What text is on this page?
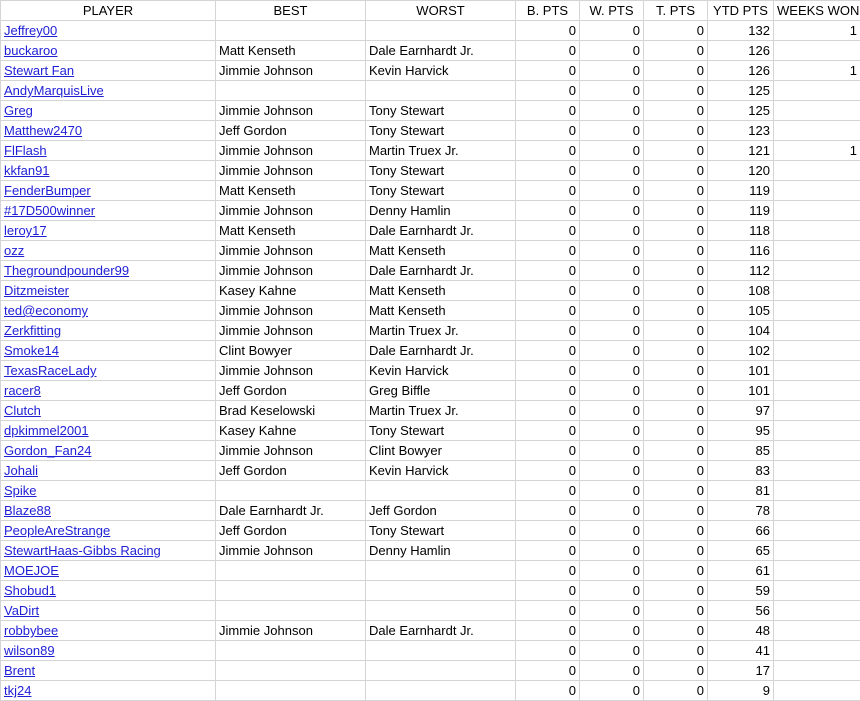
PLAYER	BEST	WORST	B. PTS	W. PTS	T. PTS	YTD PTS	WEEKS WON
Jeffrey00			0	0	0	132	1
buckaroo	Matt Kenseth	Dale Earnhardt Jr.	0	0	0	126	
Stewart Fan	Jimmie Johnson	Kevin Harvick	0	0	0	126	1
AndyMarquisLive			0	0	0	125	
Greg	Jimmie Johnson	Tony Stewart	0	0	0	125	
Matthew2470	Jeff Gordon	Tony Stewart	0	0	0	123	
FlFlash	Jimmie Johnson	Martin Truex Jr.	0	0	0	121	1
kkfan91	Jimmie Johnson	Tony Stewart	0	0	0	120	
FenderBumper	Matt Kenseth	Tony Stewart	0	0	0	119	
#17D500winner	Jimmie Johnson	Denny Hamlin	0	0	0	119	
leroy17	Matt Kenseth	Dale Earnhardt Jr.	0	0	0	118	
ozz	Jimmie Johnson	Matt Kenseth	0	0	0	116	
Thegroundpounder99	Jimmie Johnson	Dale Earnhardt Jr.	0	0	0	112	
Ditzmeister	Kasey Kahne	Matt Kenseth	0	0	0	108	
ted@economy	Jimmie Johnson	Matt Kenseth	0	0	0	105	
Zerkfitting	Jimmie Johnson	Martin Truex Jr.	0	0	0	104	
Smoke14	Clint Bowyer	Dale Earnhardt Jr.	0	0	0	102	
TexasRaceLady	Jimmie Johnson	Kevin Harvick	0	0	0	101	
racer8	Jeff Gordon	Greg Biffle	0	0	0	101	
Clutch	Brad Keselowski	Martin Truex Jr.	0	0	0	97	
dpkimmel2001	Kasey Kahne	Tony Stewart	0	0	0	95	
Gordon_Fan24	Jimmie Johnson	Clint Bowyer	0	0	0	85	
Johali	Jeff Gordon	Kevin Harvick	0	0	0	83	
Spike			0	0	0	81	
Blaze88	Dale Earnhardt Jr.	Jeff Gordon	0	0	0	78	
PeopleAreStrange	Jeff Gordon	Tony Stewart	0	0	0	66	
StewartHaas-Gibbs Racing	Jimmie Johnson	Denny Hamlin	0	0	0	65	
MOEJOE			0	0	0	61	
Shobud1			0	0	0	59	
VaDirt			0	0	0	56	
robbybee	Jimmie Johnson	Dale Earnhardt Jr.	0	0	0	48	
wilson89			0	0	0	41	
Brent			0	0	0	17	
tkj24			0	0	0	9	
